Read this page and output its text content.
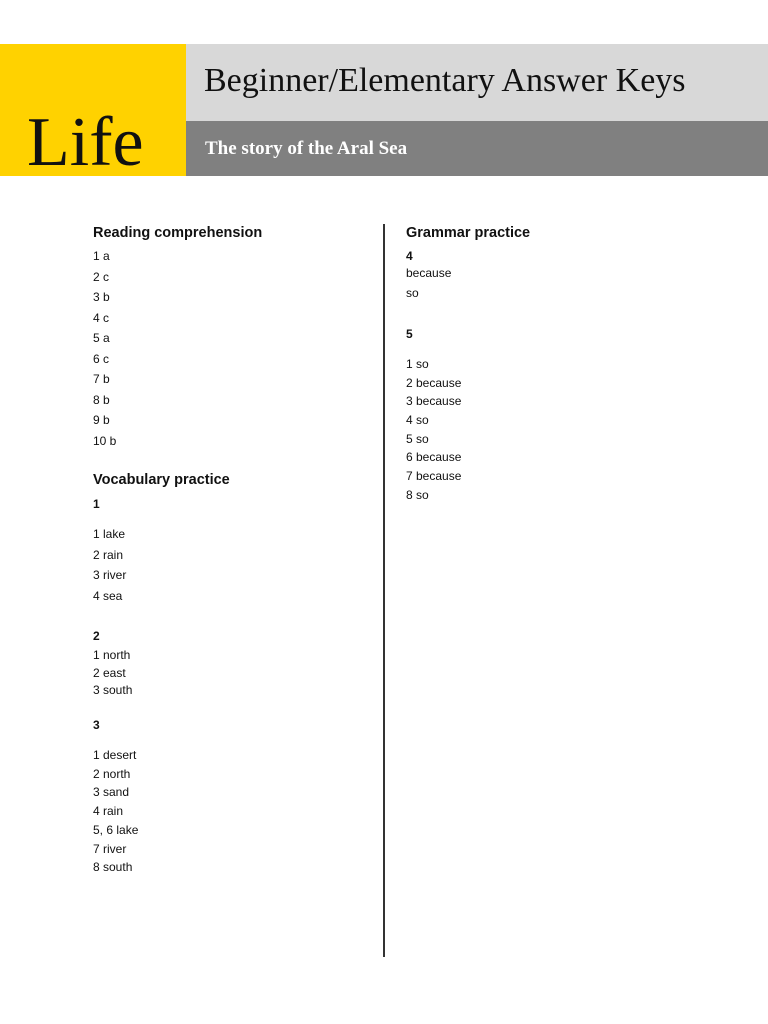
Life
Beginner/Elementary Answer Keys
The story of the Aral Sea
Reading comprehension
1 a
2 c
3 b
4 c
5 a
6 c
7 b
8 b
9 b
10 b
Vocabulary practice
1
1 lake
2 rain
3 river
4 sea
2
1 north
2 east
3 south
3
1 desert
2 north
3 sand
4 rain
5, 6 lake
7 river
8 south
Grammar practice
4
because
so
5
1 so
2 because
3 because
4 so
5 so
6 because
7 because
8 so
